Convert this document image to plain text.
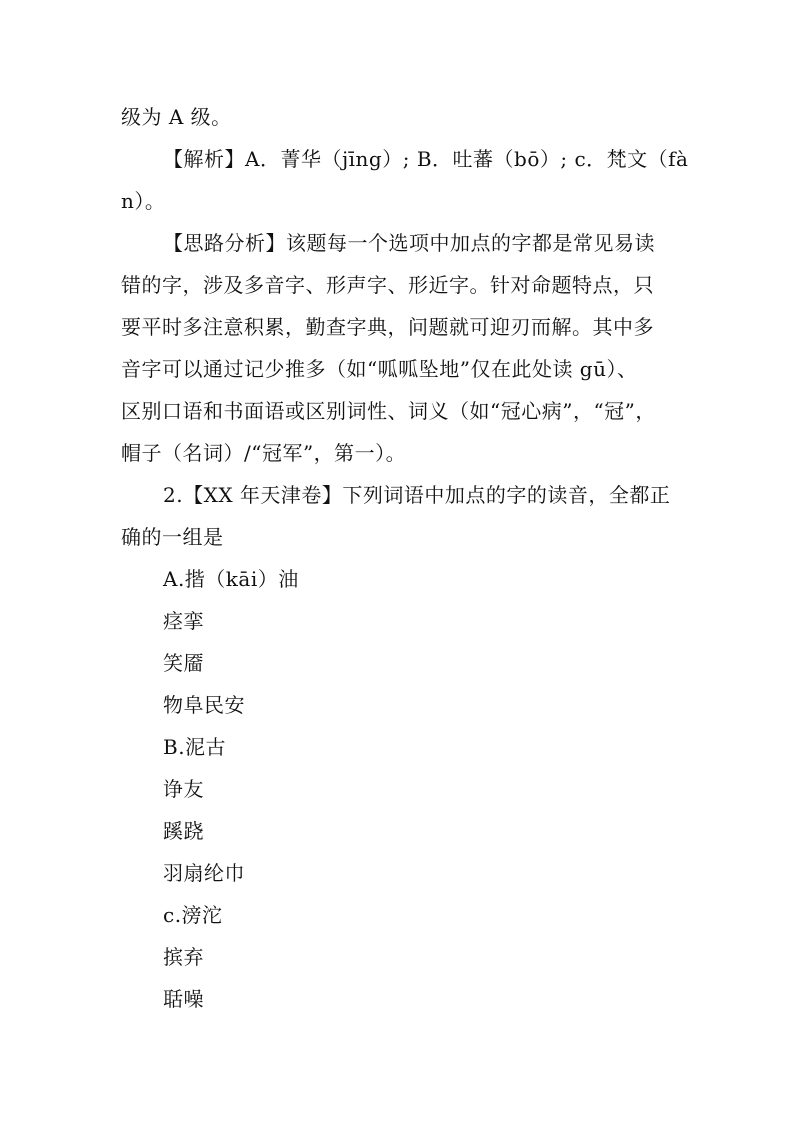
级为 A 级。
【解析】A．菁华（jīng）; B．吐蕃（bō）; c．梵文（fà
n）。
【思路分析】该题每一个选项中加点的字都是常见易读
错的字，涉及多音字、形声字、形近字。针对命题特点，只
要平时多注意积累，勤查字典，问题就可迎刃而解。其中多
音字可以通过记少推多（如“呱呱坠地”仅在此处读 gū）、
区别口语和书面语或区别词性、词义（如“冠心病”，“冠”，
帽子（名词）/“冠军”，第一）。
2.【XX 年天津卷】下列词语中加点的字的读音，全都正
确的一组是
A.揩（kāi）油
痉挛
笑靥
物阜民安
B.泥古
诤友
蹊跷
羽扇纶巾
c.滂沱
摈弃
聒噪
